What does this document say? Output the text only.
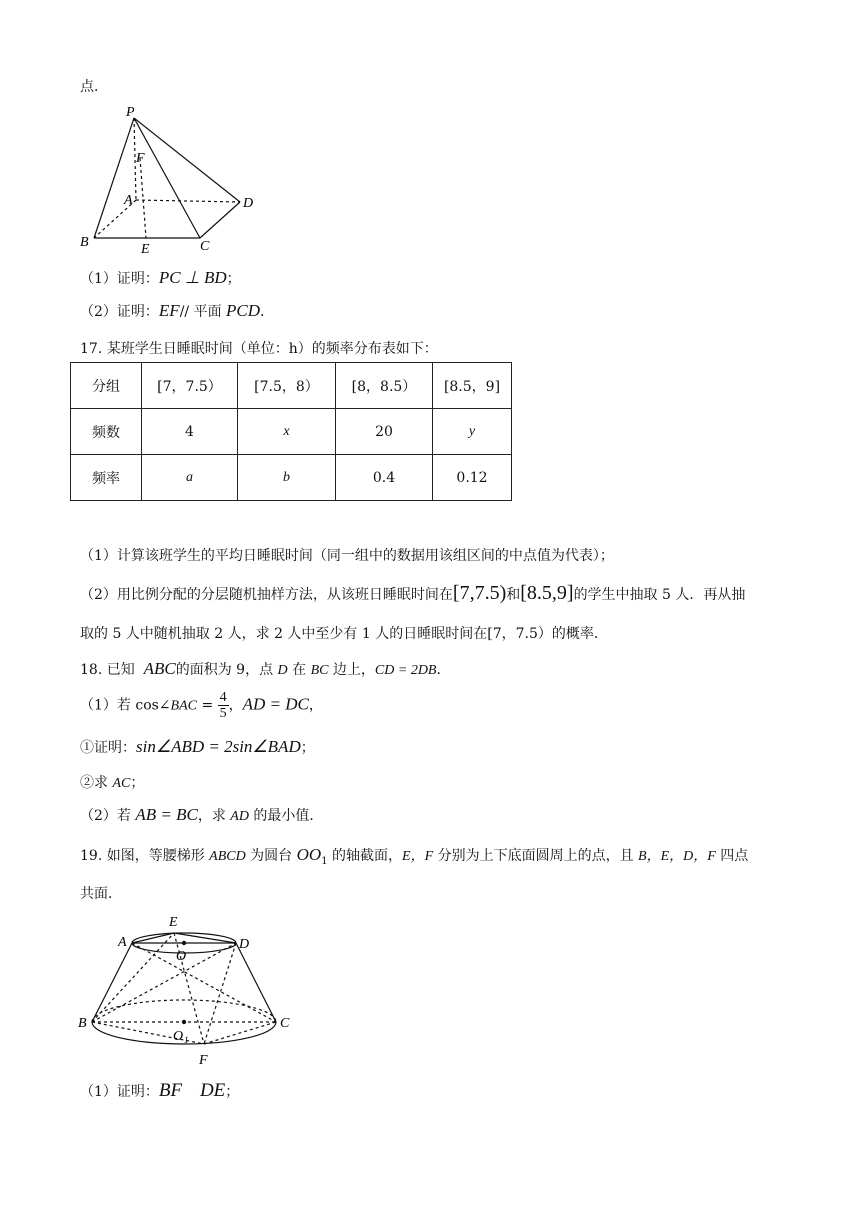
点．
P
F
A	D
B	E	C
（1）证明：PC ⊥ BD；
（2）证明：EF// 平面 PCD．
17. 某班学生日睡眠时间（单位：h）的频率分布表如下：
分组	[7，7.5）	[7.5，8）	[8，8.5）	[8.5，9]
频数	4	x	20	y
频率	a	b	0.4	0.12
（1）计算该班学生的平均日睡眠时间（同一组中的数据用该组区间的中点值为代表）；
（2）用比例分配的分层随机抽样方法，从该班日睡眠时间在[7,7.5)和[8.5,9]的学生中抽取 5 人．再从抽
取的 5 人中随机抽取 2 人，求 2 人中至少有 1 人的日睡眠时间在[7，7.5）的概率．
18. 已知 ABC的面积为 9，点 D 在 BC 边上，CD = 2DB．
（1）若 cos∠BAC = $\frac{4}{5}$ ，AD = DC，
①证明：sin∠ABD = 2sin∠BAD；
②求 AC；
（2）若 AB = BC，求 AD 的最小值．
19. 如图，等腰梯形 ABCD 为圆台 $OO_1$ 的轴截面，E，F 分别为上下底面圆周上的点，且 B，E，D，F 四点
共面．
E
A	D
O
B	C
O 1
F
（1）证明：BF DE；
